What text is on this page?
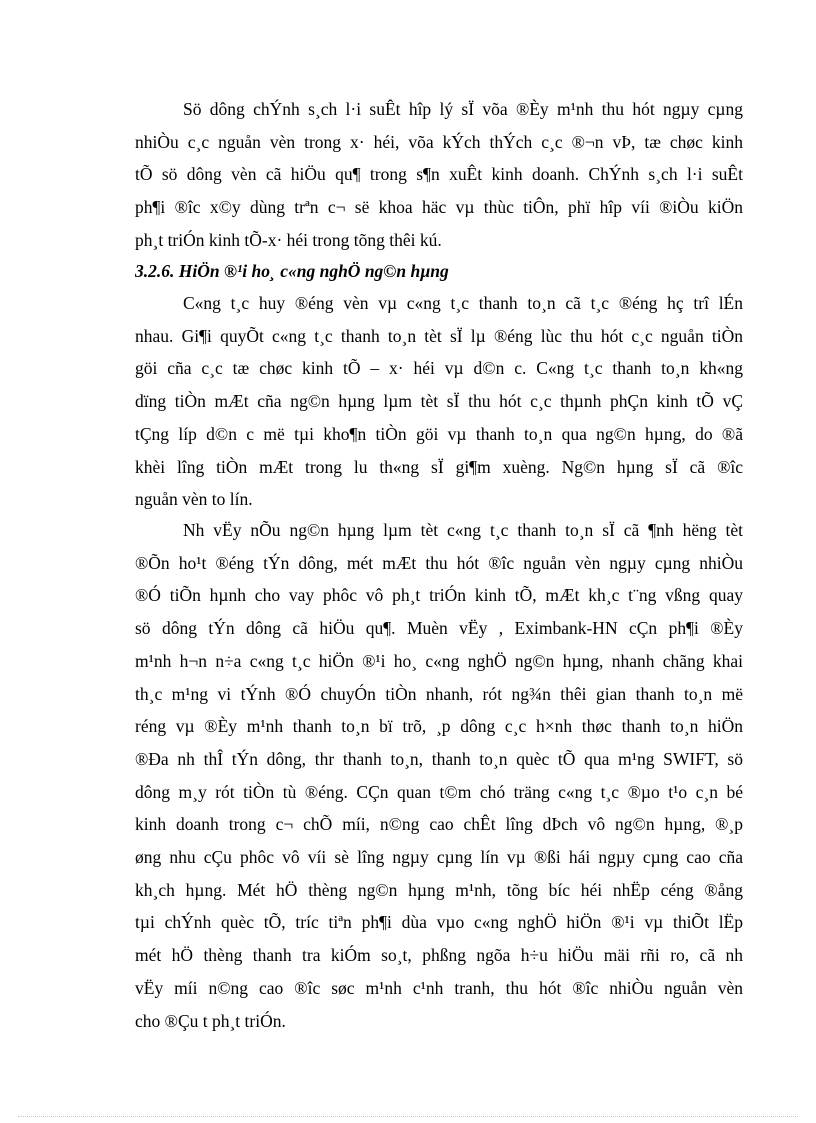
Sö dông chÝnh s¸ch l·i suÊt hîp lý sÏ võa ®Èy m¹nh thu hót ngµy cµng
nhiÒu c¸c nguån vèn trong x· héi, võa kÝch thÝch c¸c ®¬n vÞ, tæ chøc kinh
tÕ sö dông vèn cã hiÖu qu¶ trong s¶n xuÊt kinh doanh. ChÝnh s¸ch l·i suÊt
ph¶i ®îc x©y dùng trªn c¬ së khoa häc vµ thùc tiÔn, phï hîp víi ®iÒu kiÖn
ph¸t triÓn kinh tÕ-x· héi trong tõng thêi kú.

3.2.6. HiÖn ®¹i ho¸ c«ng nghÖ ng©n hµng

C«ng t¸c huy ®éng vèn vµ c«ng t¸c thanh to¸n cã t¸c ®éng hç trî lÉn
nhau. Gi¶i quyÕt c«ng t¸c thanh to¸n tèt sÏ lµ ®éng lùc thu hót c¸c nguån tiÒn
göi cña c¸c tæ chøc kinh tÕ – x· héi vµ d©n c. C«ng t¸c thanh to¸n kh«ng
dïng tiÒn mÆt cña ng©n hµng lµm tèt sÏ thu hót c¸c thµnh phÇn kinh tÕ vÇ
tÇng líp d©n c më tµi kho¶n tiÒn göi vµ thanh to¸n qua ng©n hµng, do ®ã
khèi lîng tiÒn mÆt trong lu th«ng sÏ gi¶m xuèng. Ng©n hµng sÏ cã ®îc
nguån vèn to lín.

Nh vËy nÕu ng©n hµng lµm tèt c«ng t¸c thanh to¸n sÏ cã ¶nh hëng tèt
®Õn ho¹t ®éng tÝn dông, mét mÆt thu hót ®îc nguån vèn ngµy cµng nhiÒu
®Ó tiÕn hµnh cho vay phôc vô ph¸t triÓn kinh tÕ, mÆt kh¸c t¨ng vßng quay
sö dông tÝn dông cã hiÖu qu¶. Muèn vËy , Eximbank-HN cÇn ph¶i ®Èy
m¹nh h¬n n÷a c«ng t¸c hiÖn ®¹i ho¸ c«ng nghÖ ng©n hµng, nhanh chãng khai
th¸c m¹ng vi tÝnh ®Ó chuyÓn tiÒn nhanh, rót ng¾n thêi gian thanh to¸n më
réng vµ ®Èy m¹nh thanh to¸n bï trõ, ¸p dông c¸c h×nh thøc thanh to¸n hiÖn
®Ða nh thÎ tÝn dông, thr thanh to¸n, thanh to¸n quèc tÕ qua m¹ng SWIFT, sö
dông m¸y rót tiÒn tù ®éng. CÇn quan t©m chó träng c«ng t¸c ®µo t¹o c¸n bé
kinh doanh trong c¬ chÕ míi, n©ng cao chÊt lîng dÞch vô ng©n hµng, ®¸p
øng nhu cÇu phôc vô víi sè lîng ngµy cµng lín vµ ®ßi hái ngµy cµng cao cña
kh¸ch hµng. Mét hÖ thèng ng©n hµng m¹nh, tõng bíc héi nhËp céng ®ång
tµi chÝnh quèc tÕ, tríc tiªn ph¶i dùa vµo c«ng nghÖ hiÖn ®¹i vµ thiÕt lËp
mét hÖ thèng thanh tra kiÓm so¸t, phßng ngõa h÷u hiÖu mäi rñi ro, cã nh
vËy míi n©ng cao ®îc søc m¹nh c¹nh tranh, thu hót ®îc nhiÒu nguån vèn
cho ®Çu t ph¸t triÓn.
